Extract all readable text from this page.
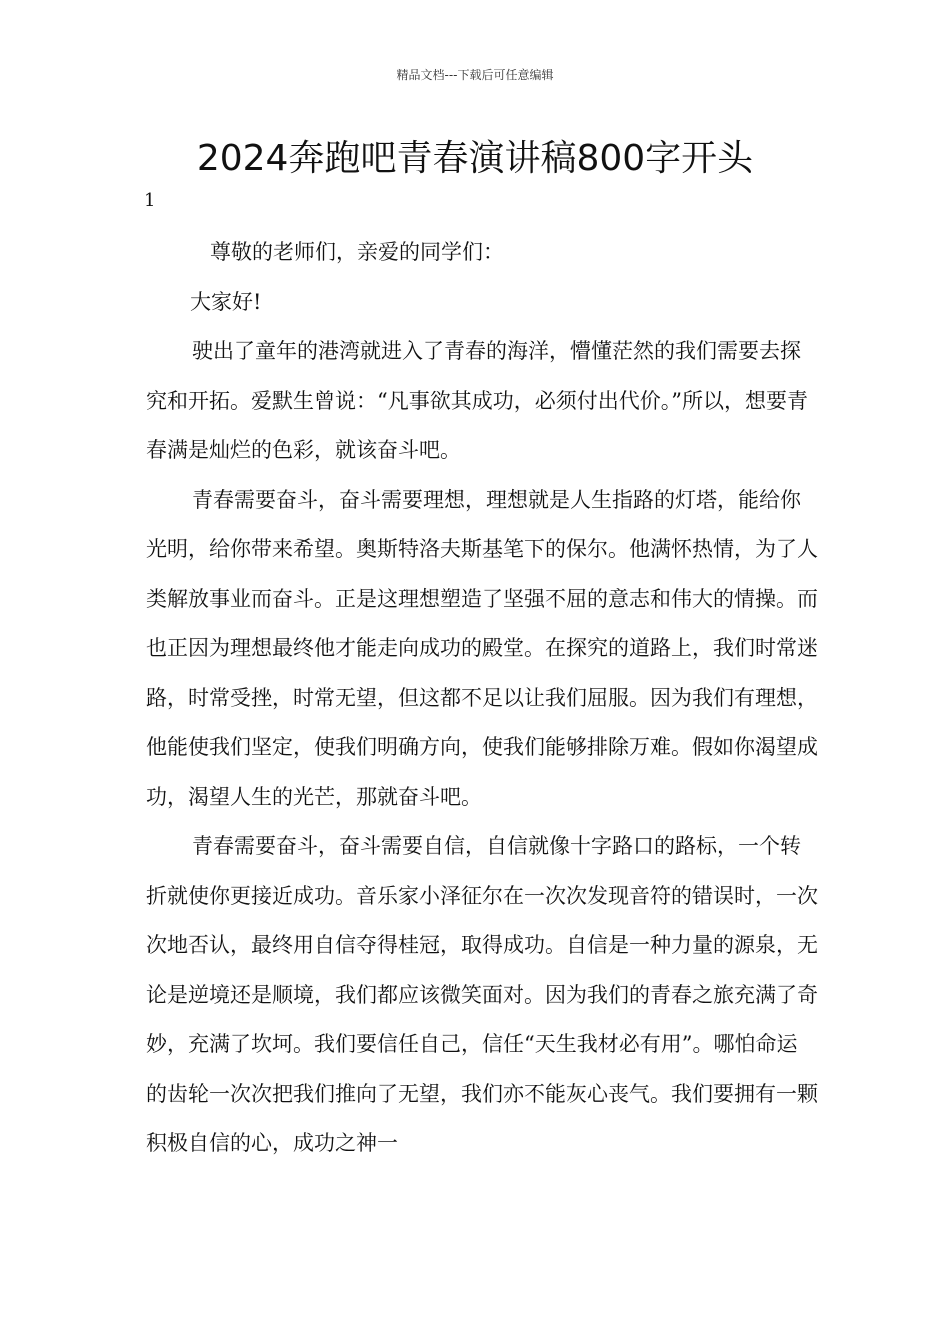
精品文档---下载后可任意编辑
2024奔跑吧青春演讲稿800字开头
1

尊敬的老师们，亲爱的同学们：

大家好!

驶出了童年的港湾就进入了青春的海洋，懵懂茫然的我们需要去探究和开拓。爱默生曾说：“凡事欲其成功，必须付出代价。”所以，想要青春满是灿烂的色彩，就该奋斗吧。

青春需要奋斗，奋斗需要理想，理想就是人生指路的灯塔，能给你光明，给你带来希望。奥斯特洛夫斯基笔下的保尔。他满怀热情，为了人类解放事业而奋斗。正是这理想塑造了坚强不屈的意志和伟大的情操。而也正因为理想最终他才能走向成功的殿堂。在探究的道路上，我们时常迷路，时常受挫，时常无望，但这都不足以让我们屈服。因为我们有理想，他能使我们坚定，使我们明确方向，使我们能够排除万难。假如你渴望成功，渴望人生的光芒，那就奋斗吧。

青春需要奋斗，奋斗需要自信，自信就像十字路口的路标，一个转折就使你更接近成功。音乐家小泽征尔在一次次发现音符的错误时，一次次地否认，最终用自信夺得桂冠，取得成功。自信是一种力量的源泉，无论是逆境还是顺境，我们都应该微笑面对。因为我们的青春之旅充满了奇妙，充满了坎坷。我们要信任自己，信任“天生我材必有用”。哪怕命运的齿轮一次次把我们推向了无望，我们亦不能灰心丧气。我们要拥有一颗积极自信的心，成功之神一
